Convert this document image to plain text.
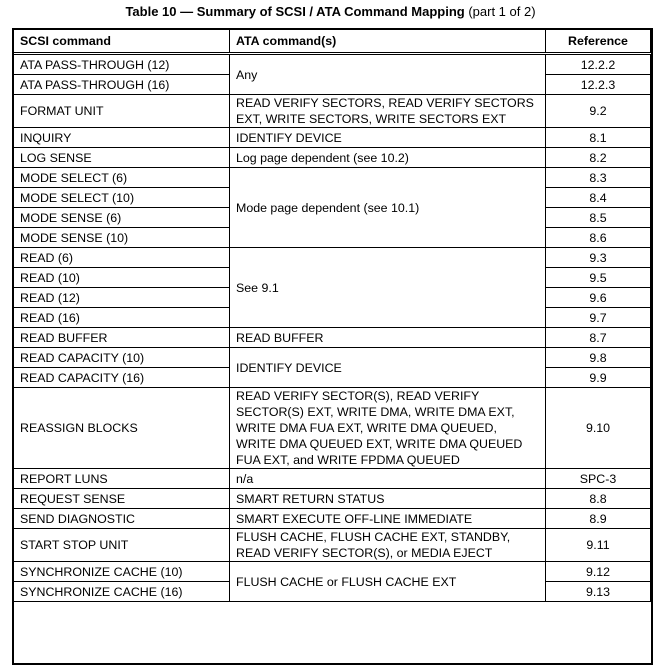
Table 10 — Summary of SCSI / ATA Command Mapping (part 1 of 2)
SCSI command	ATA command(s)	Reference
ATA PASS-THROUGH (12)	Any	12.2.2
ATA PASS-THROUGH (16)		12.2.3
FORMAT UNIT	READ VERIFY SECTORS, READ VERIFY SECTORS EXT, WRITE SECTORS, WRITE SECTORS EXT	9.2
INQUIRY	IDENTIFY DEVICE	8.1
LOG SENSE	Log page dependent (see 10.2)	8.2
MODE SELECT (6)	Mode page dependent (see 10.1)	8.3
MODE SELECT (10)		8.4
MODE SENSE (6)		8.5
MODE SENSE (10)		8.6
READ (6)	See 9.1	9.3
READ (10)		9.5
READ (12)		9.6
READ (16)		9.7
READ BUFFER	READ BUFFER	8.7
READ CAPACITY (10)	IDENTIFY DEVICE	9.8
READ CAPACITY (16)		9.9
REASSIGN BLOCKS	READ VERIFY SECTOR(S), READ VERIFY SECTOR(S) EXT, WRITE DMA, WRITE DMA EXT, WRITE DMA FUA EXT, WRITE DMA QUEUED, WRITE DMA QUEUED EXT, WRITE DMA QUEUED FUA EXT, and WRITE FPDMA QUEUED	9.10
REPORT LUNS	n/a	SPC-3
REQUEST SENSE	SMART RETURN STATUS	8.8
SEND DIAGNOSTIC	SMART EXECUTE OFF-LINE IMMEDIATE	8.9
START STOP UNIT	FLUSH CACHE, FLUSH CACHE EXT, STANDBY, READ VERIFY SECTOR(S), or MEDIA EJECT	9.11
SYNCHRONIZE CACHE (10)	FLUSH CACHE or FLUSH CACHE EXT	9.12
SYNCHRONIZE CACHE (16)		9.13
